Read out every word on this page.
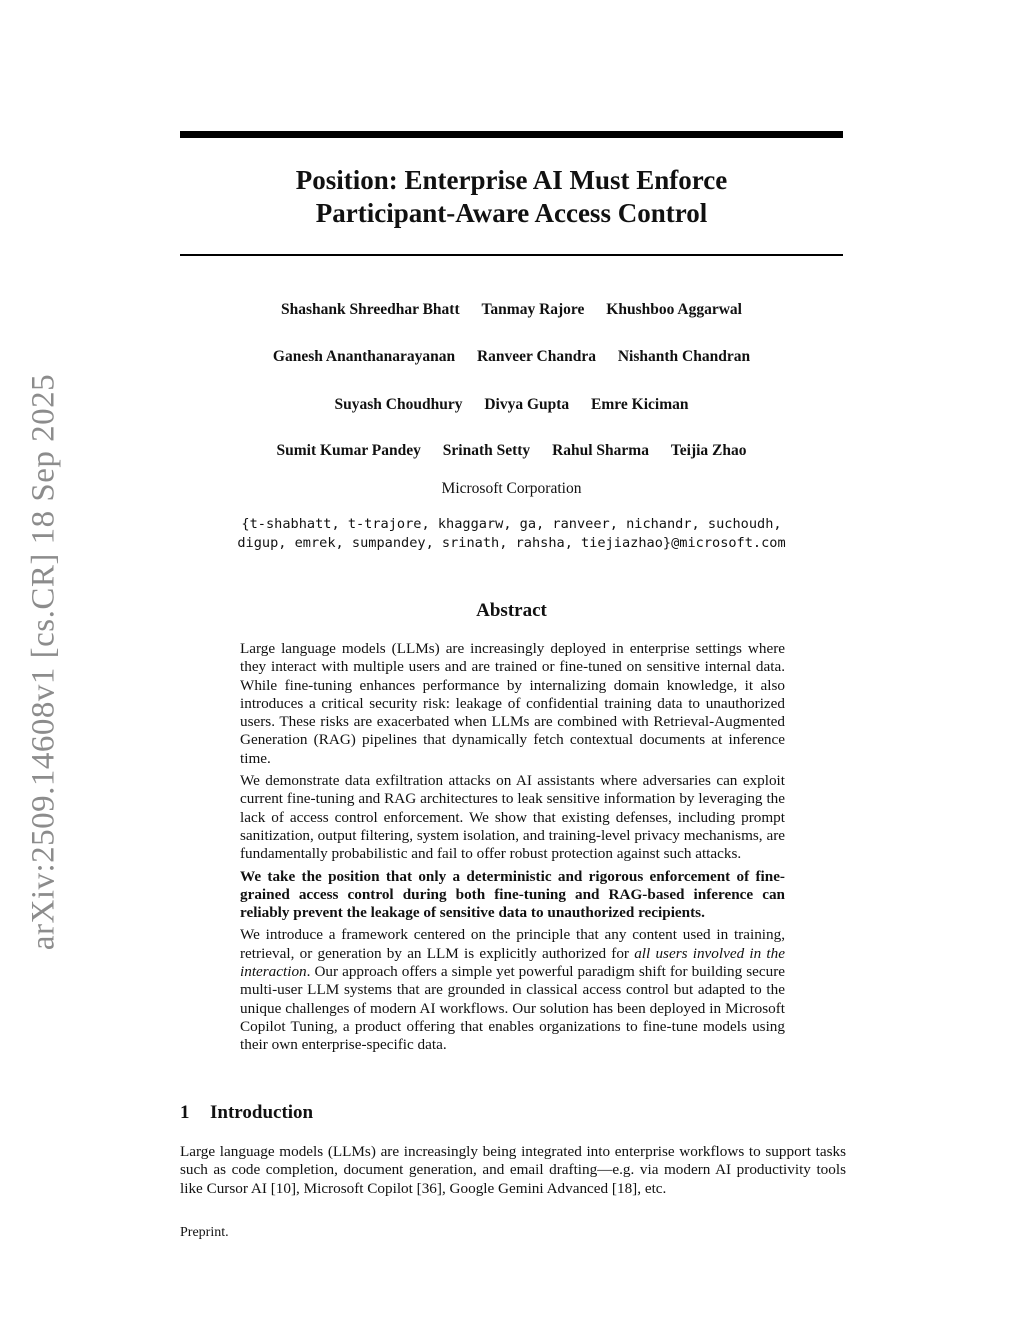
arXiv:2509.14608v1 [cs.CR] 18 Sep 2025
Position: Enterprise AI Must Enforce
Participant-Aware Access Control
Shashank Shreedhar Bhatt Tanmay Rajore Khushboo Aggarwal
Ganesh Ananthanarayanan Ranveer Chandra Nishanth Chandran
Suyash Choudhury Divya Gupta Emre Kiciman
Sumit Kumar Pandey Srinath Setty Rahul Sharma Teijia Zhao
Microsoft Corporation
{t-shabhatt, t-trajore, khaggarw, ga, ranveer, nichandr, suchoudh,
digup, emrek, sumpandey, srinath, rahsha, tiejiazhao}@microsoft.com
Abstract

Large language models (LLMs) are increasingly deployed in enterprise settings where they interact with multiple users and are trained or fine-tuned on sensitive internal data. While fine-tuning enhances performance by internalizing domain knowledge, it also introduces a critical security risk: leakage of confidential training data to unauthorized users. These risks are exacerbated when LLMs are combined with Retrieval-Augmented Generation (RAG) pipelines that dynamically fetch contextual documents at inference time.

We demonstrate data exfiltration attacks on AI assistants where adversaries can exploit current fine-tuning and RAG architectures to leak sensitive information by leveraging the lack of access control enforcement. We show that existing defenses, including prompt sanitization, output filtering, system isolation, and training-level privacy mechanisms, are fundamentally probabilistic and fail to offer robust protection against such attacks.

We take the position that only a deterministic and rigorous enforcement of fine-grained access control during both fine-tuning and RAG-based inference can reliably prevent the leakage of sensitive data to unauthorized recipients.

We introduce a framework centered on the principle that any content used in training, retrieval, or generation by an LLM is explicitly authorized for all users involved in the interaction. Our approach offers a simple yet powerful paradigm shift for building secure multi-user LLM systems that are grounded in classical access control but adapted to the unique challenges of modern AI workflows. Our solution has been deployed in Microsoft Copilot Tuning, a product offering that enables organizations to fine-tune models using their own enterprise-specific data.

1 Introduction

Large language models (LLMs) are increasingly being integrated into enterprise workflows to support tasks such as code completion, document generation, and email drafting—e.g. via modern AI productivity tools like Cursor AI [10], Microsoft Copilot [36], Google Gemini Advanced [18], etc.

Preprint.
